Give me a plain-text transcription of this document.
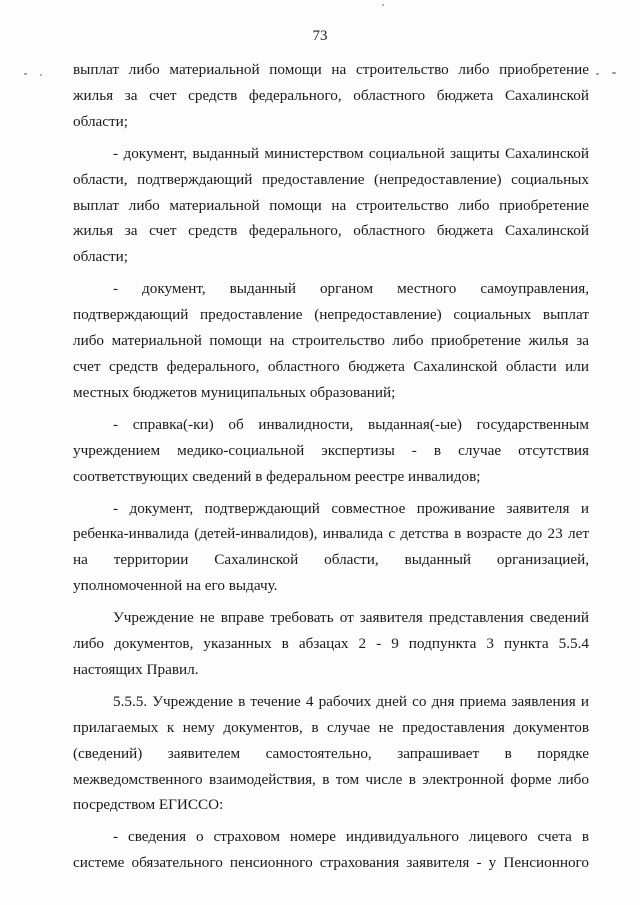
73
выплат либо материальной помощи на строительство либо приобретение
жилья за счет средств федерального, областного бюджета Сахалинской
области;
- документ, выданный министерством социальной защиты Сахалинской
области, подтверждающий предоставление (непредоставление) социальных
выплат либо материальной помощи на строительство либо приобретение
жилья за счет средств федерального, областного бюджета Сахалинской
области;
- документ, выданный органом местного самоуправления,
подтверждающий предоставление (непредоставление) социальных выплат
либо материальной помощи на строительство либо приобретение жилья за
счет средств федерального, областного бюджета Сахалинской области или
местных бюджетов муниципальных образований;
- справка(-ки) об инвалидности, выданная(-ые) государственным
учреждением медико-социальной экспертизы - в случае отсутствия
соответствующих сведений в федеральном реестре инвалидов;
- документ, подтверждающий совместное проживание заявителя и
ребенка-инвалида (детей-инвалидов), инвалида с детства в возрасте до 23 лет
на территории Сахалинской области, выданный организацией,
уполномоченной на его выдачу.
Учреждение не вправе требовать от заявителя представления сведений
либо документов, указанных в абзацах 2 - 9 подпункта 3 пункта 5.5.4
настоящих Правил.
5.5.5. Учреждение в течение 4 рабочих дней со дня приема заявления и
прилагаемых к нему документов, в случае не предоставления документов
(сведений) заявителем самостоятельно, запрашивает в порядке
межведомственного взаимодействия, в том числе в электронной форме либо
посредством ЕГИССО:
- сведения о страховом номере индивидуального лицевого счета в
системе обязательного пенсионного страхования заявителя - у Пенсионного
